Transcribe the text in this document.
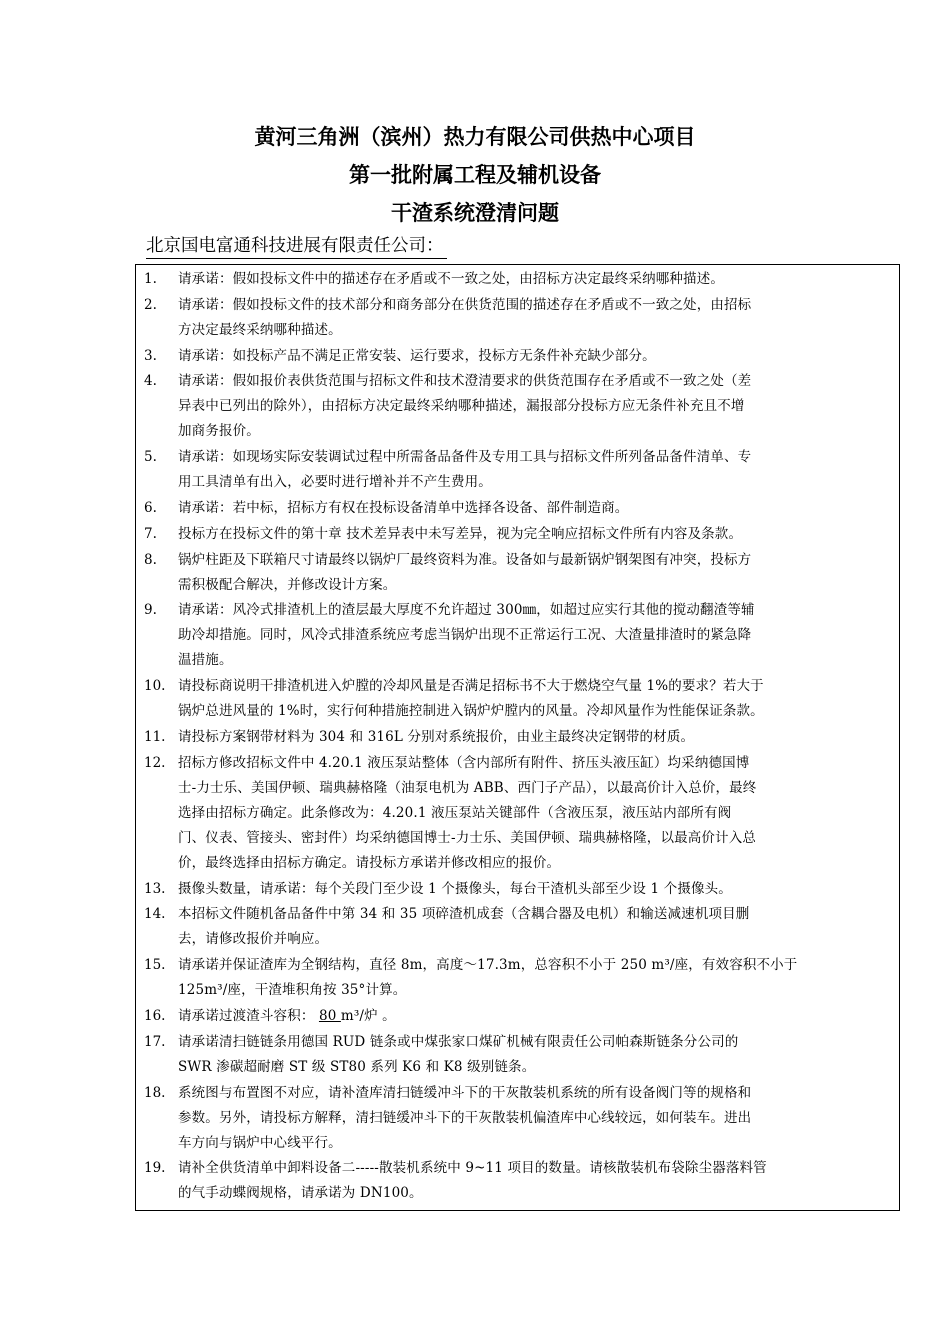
黄河三角洲（滨州）热力有限公司供热中心项目
第一批附属工程及辅机设备
干渣系统澄清问题
北京国电富通科技进展有限责任公司：
1. 请承诺：假如投标文件中的描述存在矛盾或不一致之处，由招标方决定最终采纳哪种描述。
2. 请承诺：假如投标文件的技术部分和商务部分在供货范围的描述存在矛盾或不一致之处，由招标
方决定最终采纳哪种描述。
3. 请承诺：如投标产品不满足正常安装、运行要求，投标方无条件补充缺少部分。
4. 请承诺：假如报价表供货范围与招标文件和技术澄清要求的供货范围存在矛盾或不一致之处（差
异表中已列出的除外），由招标方决定最终采纳哪种描述，漏报部分投标方应无条件补充且不增
加商务报价。
5. 请承诺：如现场实际安装调试过程中所需备品备件及专用工具与招标文件所列备品备件清单、专
用工具清单有出入，必要时进行增补并不产生费用。
6. 请承诺：若中标，招标方有权在投标设备清单中选择各设备、部件制造商。
7. 投标方在投标文件的第十章 技术差异表中未写差异，视为完全响应招标文件所有内容及条款。
8. 锅炉柱距及下联箱尺寸请最终以锅炉厂最终资料为准。设备如与最新锅炉钢架图有冲突，投标方
需积极配合解决，并修改设计方案。
9. 请承诺：风冷式排渣机上的渣层最大厚度不允许超过 300㎜，如超过应实行其他的搅动翻渣等辅
助冷却措施。同时，风冷式排渣系统应考虑当锅炉出现不正常运行工况、大渣量排渣时的紧急降
温措施。
10. 请投标商说明干排渣机进入炉膛的冷却风量是否满足招标书不大于燃烧空气量 1%的要求？若大于
锅炉总进风量的 1%时，实行何种措施控制进入锅炉炉膛内的风量。冷却风量作为性能保证条款。
11. 请投标方案钢带材料为 304 和 316L 分别对系统报价，由业主最终决定钢带的材质。
12. 招标方修改招标文件中 4.20.1 液压泵站整体（含内部所有附件、挤压头液压缸）均采纳德国博
士-力士乐、美国伊顿、瑞典赫格隆（油泵电机为 ABB、西门子产品），以最高价计入总价，最终
选择由招标方确定。此条修改为：4.20.1 液压泵站关键部件（含液压泵，液压站内部所有阀
门、仪表、管接头、密封件）均采纳德国博士-力士乐、美国伊顿、瑞典赫格隆，以最高价计入总
价，最终选择由招标方确定。请投标方承诺并修改相应的报价。
13. 摄像头数量，请承诺：每个关段门至少设 1 个摄像头，每台干渣机头部至少设 1 个摄像头。
14. 本招标文件随机备品备件中第 34 和 35 项碎渣机成套（含耦合器及电机）和输送减速机项目删
去，请修改报价并响应。
15. 请承诺并保证渣库为全钢结构，直径 8m，高度～17.3m，总容积不小于 250 m³/座，有效容积不小于
125m³/座，干渣堆积角按 35°计算。
16. 请承诺过渡渣斗容积： 80 m³/炉 。
17. 请承诺清扫链链条用德国 RUD 链条或中煤张家口煤矿机械有限责任公司帕森斯链条分公司的
SWR 渗碳超耐磨 ST 级 ST80 系列 K6 和 K8 级别链条。
18. 系统图与布置图不对应，请补渣库清扫链缓冲斗下的干灰散装机系统的所有设备阀门等的规格和
参数。另外，请投标方解释，清扫链缓冲斗下的干灰散装机偏渣库中心线较远，如何装车。进出
车方向与锅炉中心线平行。
19. 请补全供货清单中卸料设备二-----散装机系统中 9~11 项目的数量。请核散装机布袋除尘器落料管
的气手动蝶阀规格，请承诺为 DN100。
